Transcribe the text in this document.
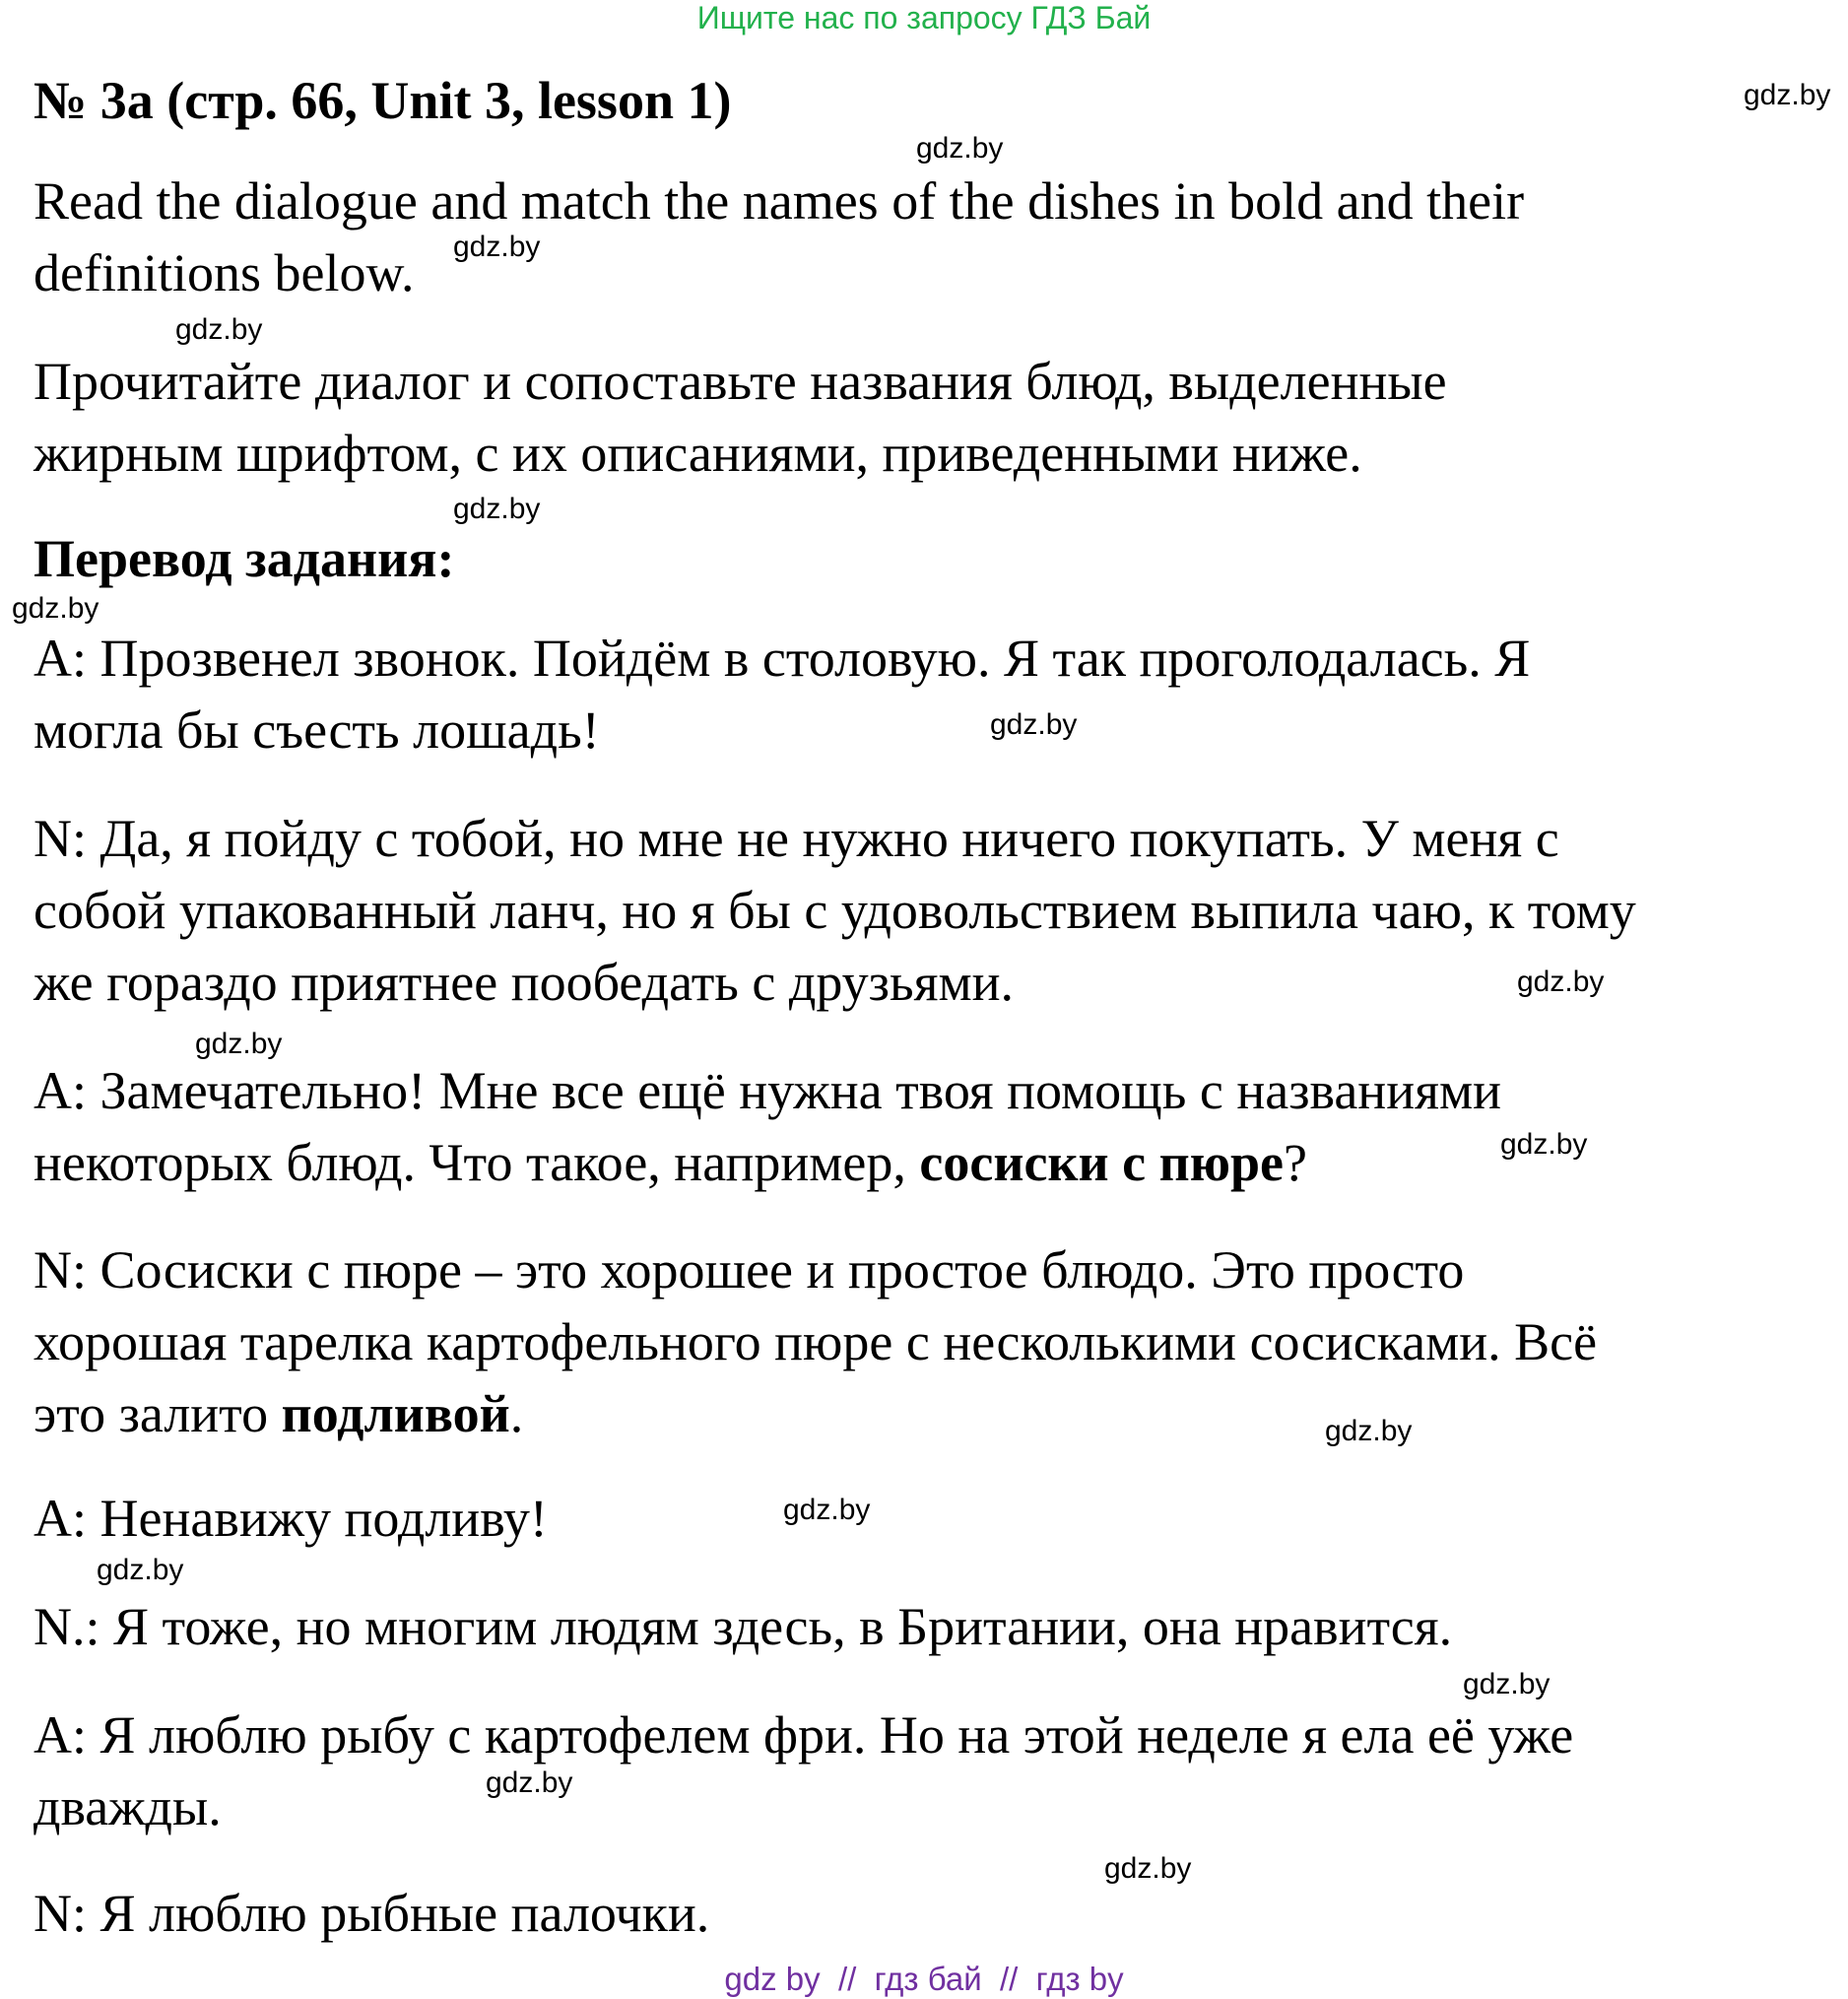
Ищите нас по запросу ГДЗ Бай
№ 3a (стр. 66, Unit 3, lesson 1)
Read the dialogue and match the names of the dishes in bold and their
definitions below.
Прочитайте диалог и сопоставьте названия блюд, выделенные
жирным шрифтом, с их описаниями, приведенными ниже.
Перевод задания:
A: Прозвенел звонок. Пойдём в столовую. Я так проголодалась. Я
могла бы съесть лошадь!
N: Да, я пойду с тобой, но мне не нужно ничего покупать. У меня с
собой упакованный ланч, но я бы с удовольствием выпила чаю, к тому
же гораздо приятнее пообедать с друзьями.
A: Замечательно! Мне все ещё нужна твоя помощь с названиями
некоторых блюд. Что такое, например, сосиски с пюре?
N: Сосиски с пюре – это хорошее и простое блюдо. Это просто
хорошая тарелка картофельного пюре с несколькими сосисками. Всё
это залито подливой.
A: Ненавижу подливу!
N.: Я тоже, но многим людям здесь, в Британии, она нравится.
A: Я люблю рыбу с картофелем фри. Но на этой неделе я ела её уже
дважды.
N: Я люблю рыбные палочки.
gdz.by
gdz.by
gdz.by
gdz.by
gdz.by
gdz.by
gdz.by
gdz.by
gdz.by
gdz.by
gdz.by
gdz.by
gdz.by
gdz.by
gdz.by
gdz.by
gdz by  //  гдз бай  //  гдз by
